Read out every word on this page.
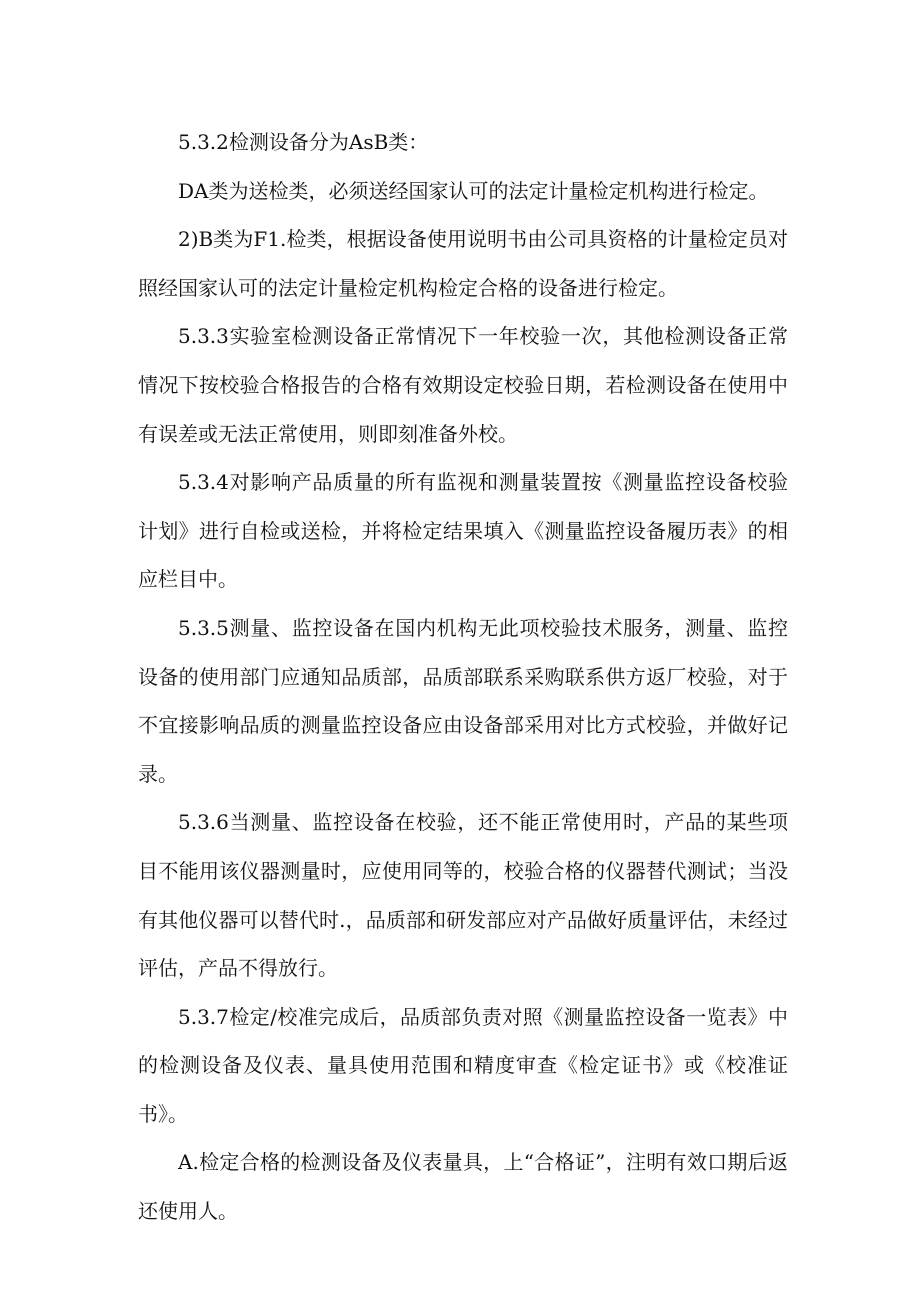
5.3.2检测设备分为AsB类：

DA类为送检类，必须送经国家认可的法定计量检定机构进行检定。

2)B类为F1.检类，根据设备使用说明书由公司具资格的计量检定员对照经国家认可的法定计量检定机构检定合格的设备进行检定。

5.3.3实验室检测设备正常情况下一年校验一次，其他检测设备正常情况下按校验合格报告的合格有效期设定校验日期，若检测设备在使用中有误差或无法正常使用，则即刻准备外校。

5.3.4对影响产品质量的所有监视和测量装置按《测量监控设备校验计划》进行自检或送检，并将检定结果填入《测量监控设备履历表》的相应栏目中。

5.3.5测量、监控设备在国内机构无此项校验技术服务，测量、监控设备的使用部门应通知品质部，品质部联系采购联系供方返厂校验，对于不宜接影响品质的测量监控设备应由设备部采用对比方式校验，并做好记录。

5.3.6当测量、监控设备在校验，还不能正常使用时，产品的某些项目不能用该仪器测量时，应使用同等的，校验合格的仪器替代测试；当没有其他仪器可以替代时.，品质部和研发部应对产品做好质量评估，未经过评估，产品不得放行。

5.3.7检定/校准完成后，品质部负责对照《测量监控设备一览表》中的检测设备及仪表、量具使用范围和精度审查《检定证书》或《校准证书》。

A.检定合格的检测设备及仪表量具，上“合格证”，注明有效口期后返还使用人。
